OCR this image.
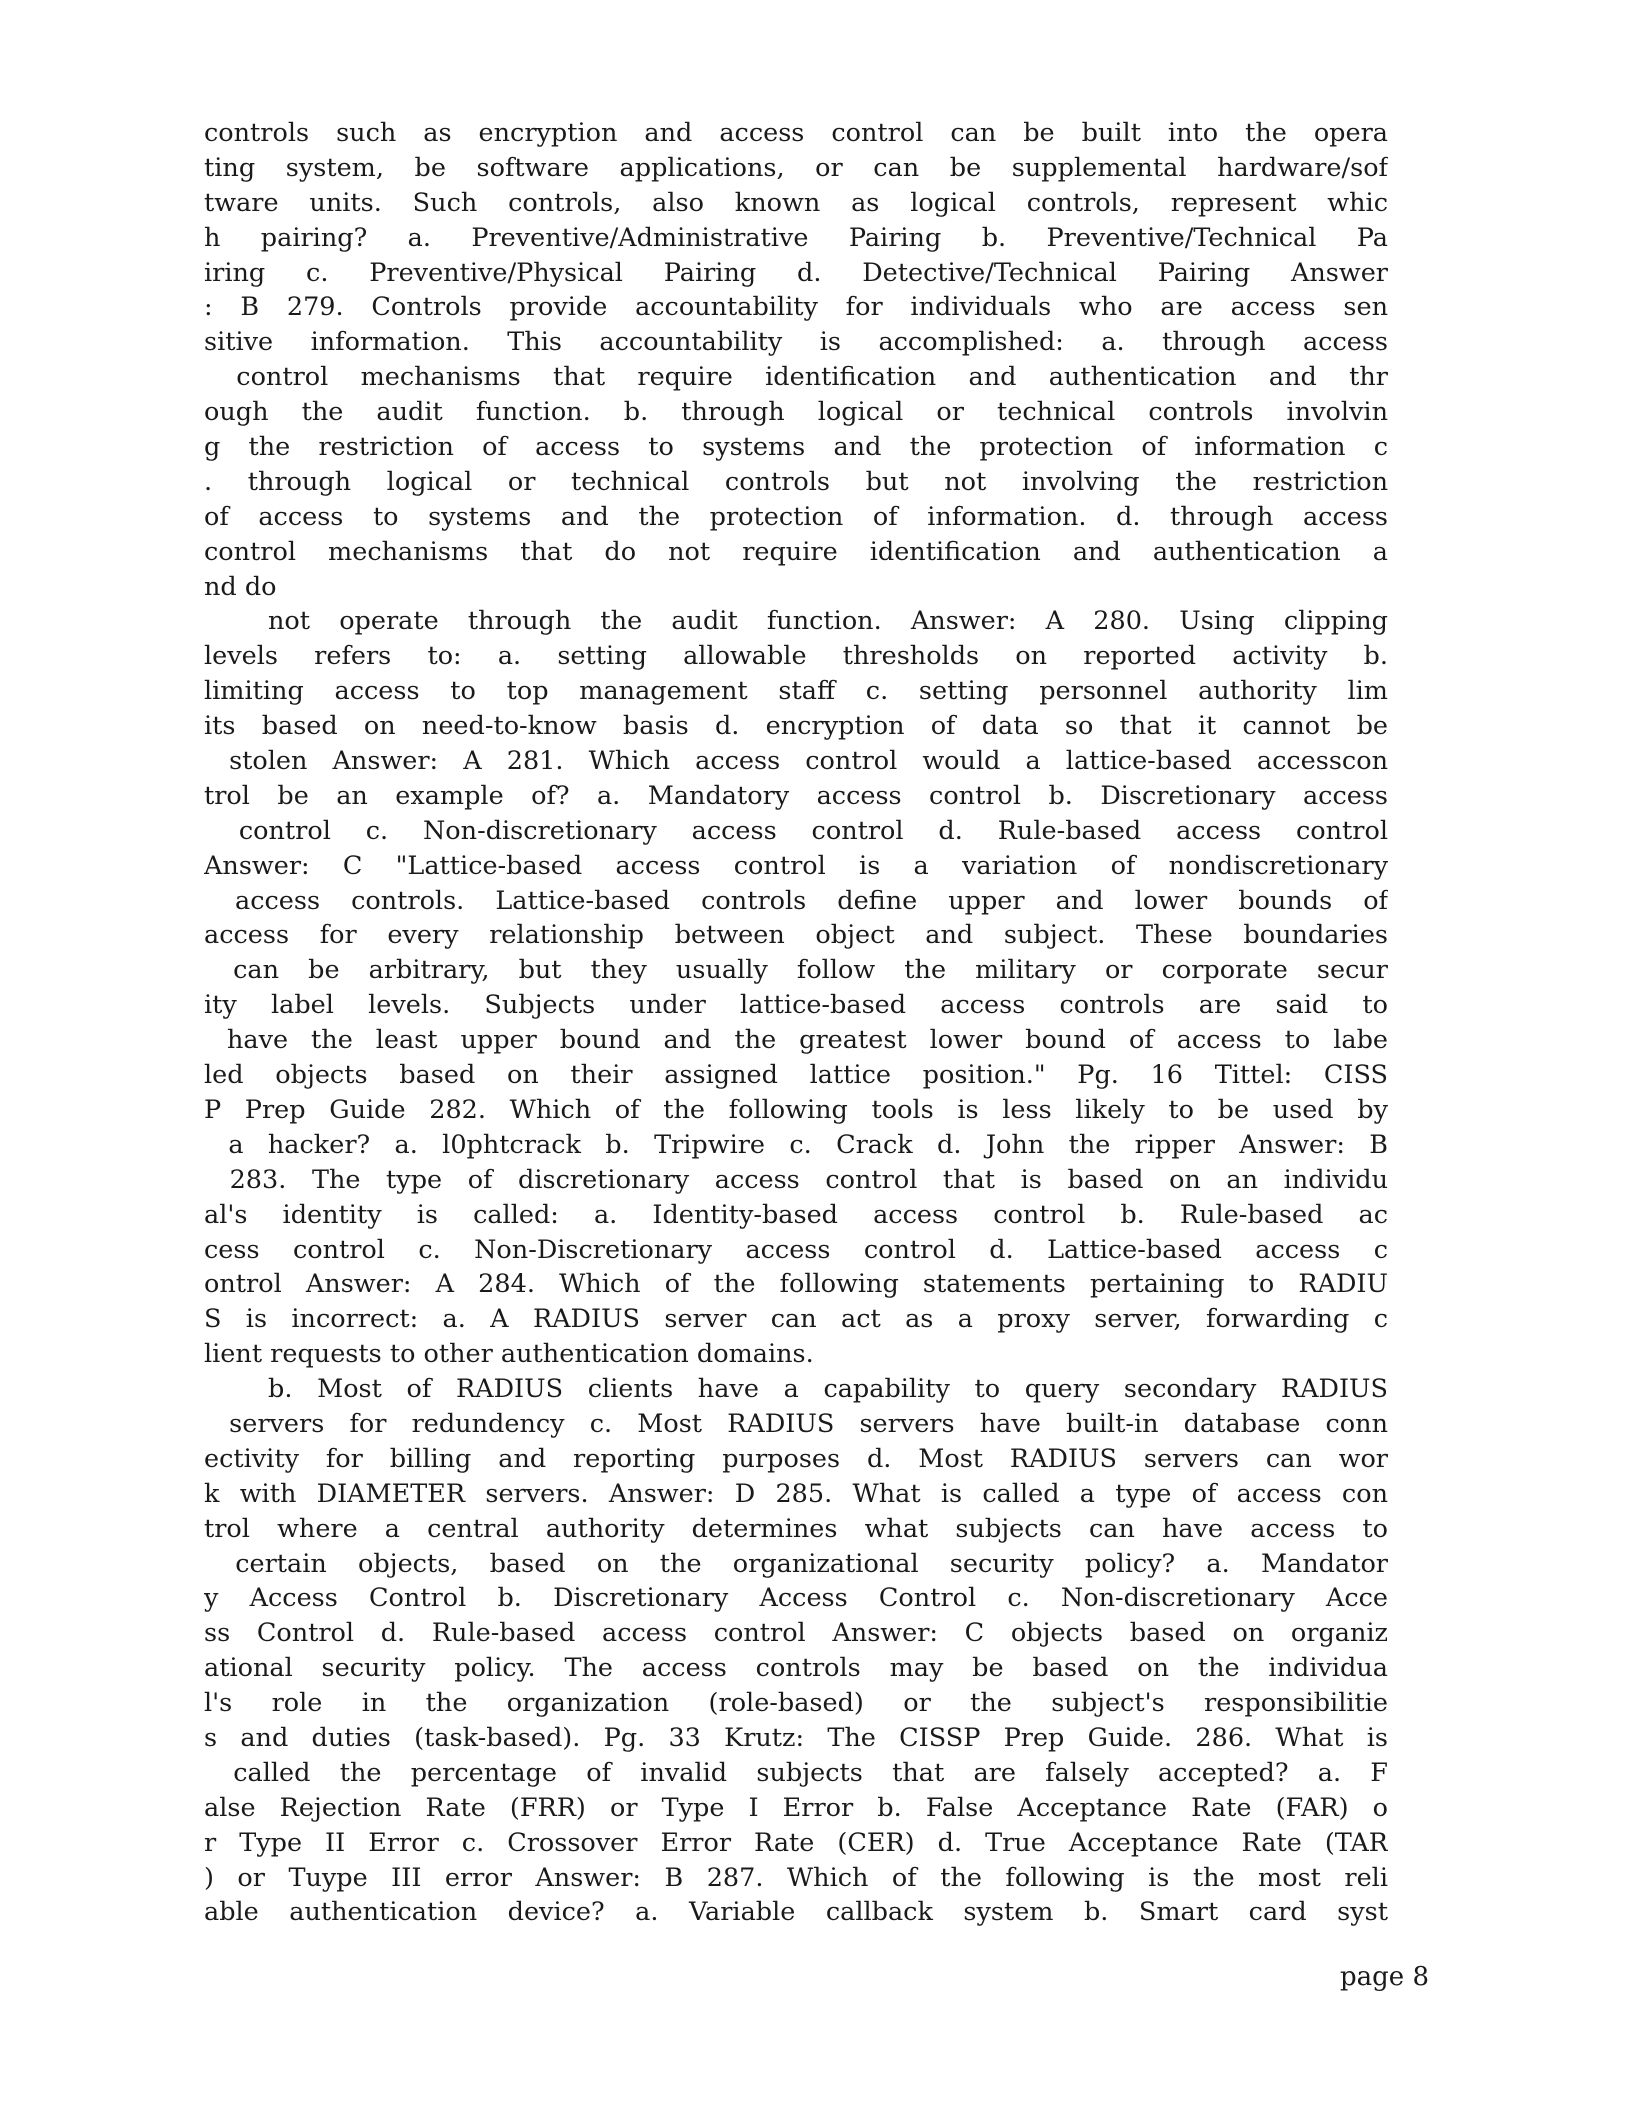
controls such as encryption and access control can be built into the opera
ting system, be software applications, or can be supplemental hardware/sof
tware units. Such controls, also known as logical controls, represent whic
h pairing? a. Preventive/Administrative Pairing b. Preventive/Technical Pa
iring c. Preventive/Physical Pairing d. Detective/Technical Pairing Answer
: B 279. Controls provide accountability for individuals who are access sen
sitive information. This accountability is accomplished: a. through access
control mechanisms that require identification and authentication and thr
ough the audit function. b. through logical or technical controls involvin
g the restriction of access to systems and the protection of information c
. through logical or technical controls but not involving the restriction
of access to systems and the protection of information. d. through access
control mechanisms that do not require identification and authentication a
nd do
not operate through the audit function. Answer: A 280. Using clipping
levels refers to: a. setting allowable thresholds on reported activity b.
limiting access to top management staff c. setting personnel authority lim
its based on need-to-know basis d. encryption of data so that it cannot be
stolen Answer: A 281. Which access control would a lattice-based accesscon
trol be an example of? a. Mandatory access control b. Discretionary access
control c. Non-discretionary access control d. Rule-based access control
Answer: C "Lattice-based access control is a variation of nondiscretionary
access controls. Lattice-based controls define upper and lower bounds of
access for every relationship between object and subject. These boundaries
can be arbitrary, but they usually follow the military or corporate secur
ity label levels. Subjects under lattice-based access controls are said to
have the least upper bound and the greatest lower bound of access to labe
led objects based on their assigned lattice position." Pg. 16 Tittel: CISS
P Prep Guide 282. Which of the following tools is less likely to be used by
a hacker? a. l0phtcrack b. Tripwire c. Crack d. John the ripper Answer: B
283. The type of discretionary access control that is based on an individu
al's identity is called: a. Identity-based access control b. Rule-based ac
cess control c. Non-Discretionary access control d. Lattice-based access c
ontrol Answer: A 284. Which of the following statements pertaining to RADIU
S is incorrect: a. A RADIUS server can act as a proxy server, forwarding c
lient requests to other authentication domains.
b. Most of RADIUS clients have a capability to query secondary RADIUS
servers for redundency c. Most RADIUS servers have built-in database conn
ectivity for billing and reporting purposes d. Most RADIUS servers can wor
k with DIAMETER servers. Answer: D 285. What is called a type of access con
trol where a central authority determines what subjects can have access to
certain objects, based on the organizational security policy? a. Mandator
y Access Control b. Discretionary Access Control c. Non-discretionary Acce
ss Control d. Rule-based access control Answer: C objects based on organiz
ational security policy. The access controls may be based on the individua
l's role in the organization (role-based) or the subject's responsibilitie
s and duties (task-based). Pg. 33 Krutz: The CISSP Prep Guide. 286. What is
called the percentage of invalid subjects that are falsely accepted? a. F
alse Rejection Rate (FRR) or Type I Error b. False Acceptance Rate (FAR) o
r Type II Error c. Crossover Error Rate (CER) d. True Acceptance Rate (TAR
) or Tuype III error Answer: B 287. Which of the following is the most reli
able authentication device? a. Variable callback system b. Smart card syst
page 8
